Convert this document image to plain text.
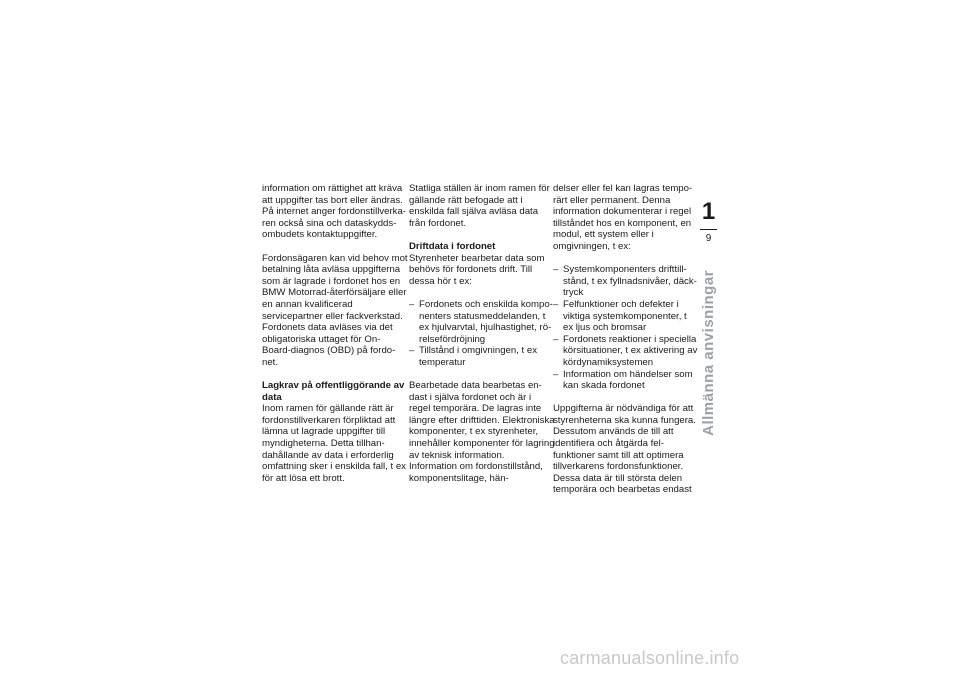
information om rättighet att kräva att uppgifter tas bort eller ändras. På internet anger fordonstillverkaren också sina och dataskyddsombudets kontaktuppgifter.

Fordonsägaren kan vid behov mot betalning låta avläsa uppgifterna som är lagrade i fordonet hos en BMW Motorrad-återförsäljare eller en annan kvalificerad servicepartner eller fackverkstad. Fordonets data avläses via det obligatoriska uttaget för On-Board-diagnos (OBD) på fordonet.

Lagkrav på offentliggörande av data

Inom ramen för gällande rätt är fordonstillverkaren förpliktad att lämna ut lagrade uppgifter till myndigheterna. Detta tillhandahållande av data i erforderlig omfattning sker i enskilda fall, t ex för att lösa ett brott.

Statliga ställen är inom ramen för gällande rätt befogade att i enskilda fall själva avläsa data från fordonet.

Driftdata i fordonet

Styrenheter bearbetar data som behövs för fordonets drift. Till dessa hör t ex:

– Fordonets och enskilda komponenters statusmeddelanden, t ex hjulvarvtal, hjulhastighet, rörelsefördröjning
– Tillstånd i omgivningen, t ex temperatur

Bearbetade data bearbetas endast i själva fordonet och är i regel temporära. De lagras inte längre efter drifttiden. Elektroniska komponenter, t ex styrenheter, innehåller komponenter för lagring av teknisk information. Information om fordonstillstånd, komponentslitage, hän-

delser eller fel kan lagras temporärt eller permanent. Denna information dokumenterar i regel tillståndet hos en komponent, en modul, ett system eller i omgivningen, t ex:

– Systemkomponenters drifttillstånd, t ex fyllnadsnivåer, däcktryck
– Felfunktioner och defekter i viktiga systemkomponenter, t ex ljus och bromsar
– Fordonets reaktioner i speciella körsituationer, t ex aktivering av kördynamiksystemen
– Information om händelser som kan skada fordonet

Uppgifterna är nödvändiga för att styrenheterna ska kunna fungera. Dessutom används de till att identifiera och åtgärda felfunktioner samt till att optimera tillverkarens fordonsfunktioner. Dessa data är till största delen temporära och bearbetas endast

1
9
Allmänna anvisningar
carmanualsonline.info
